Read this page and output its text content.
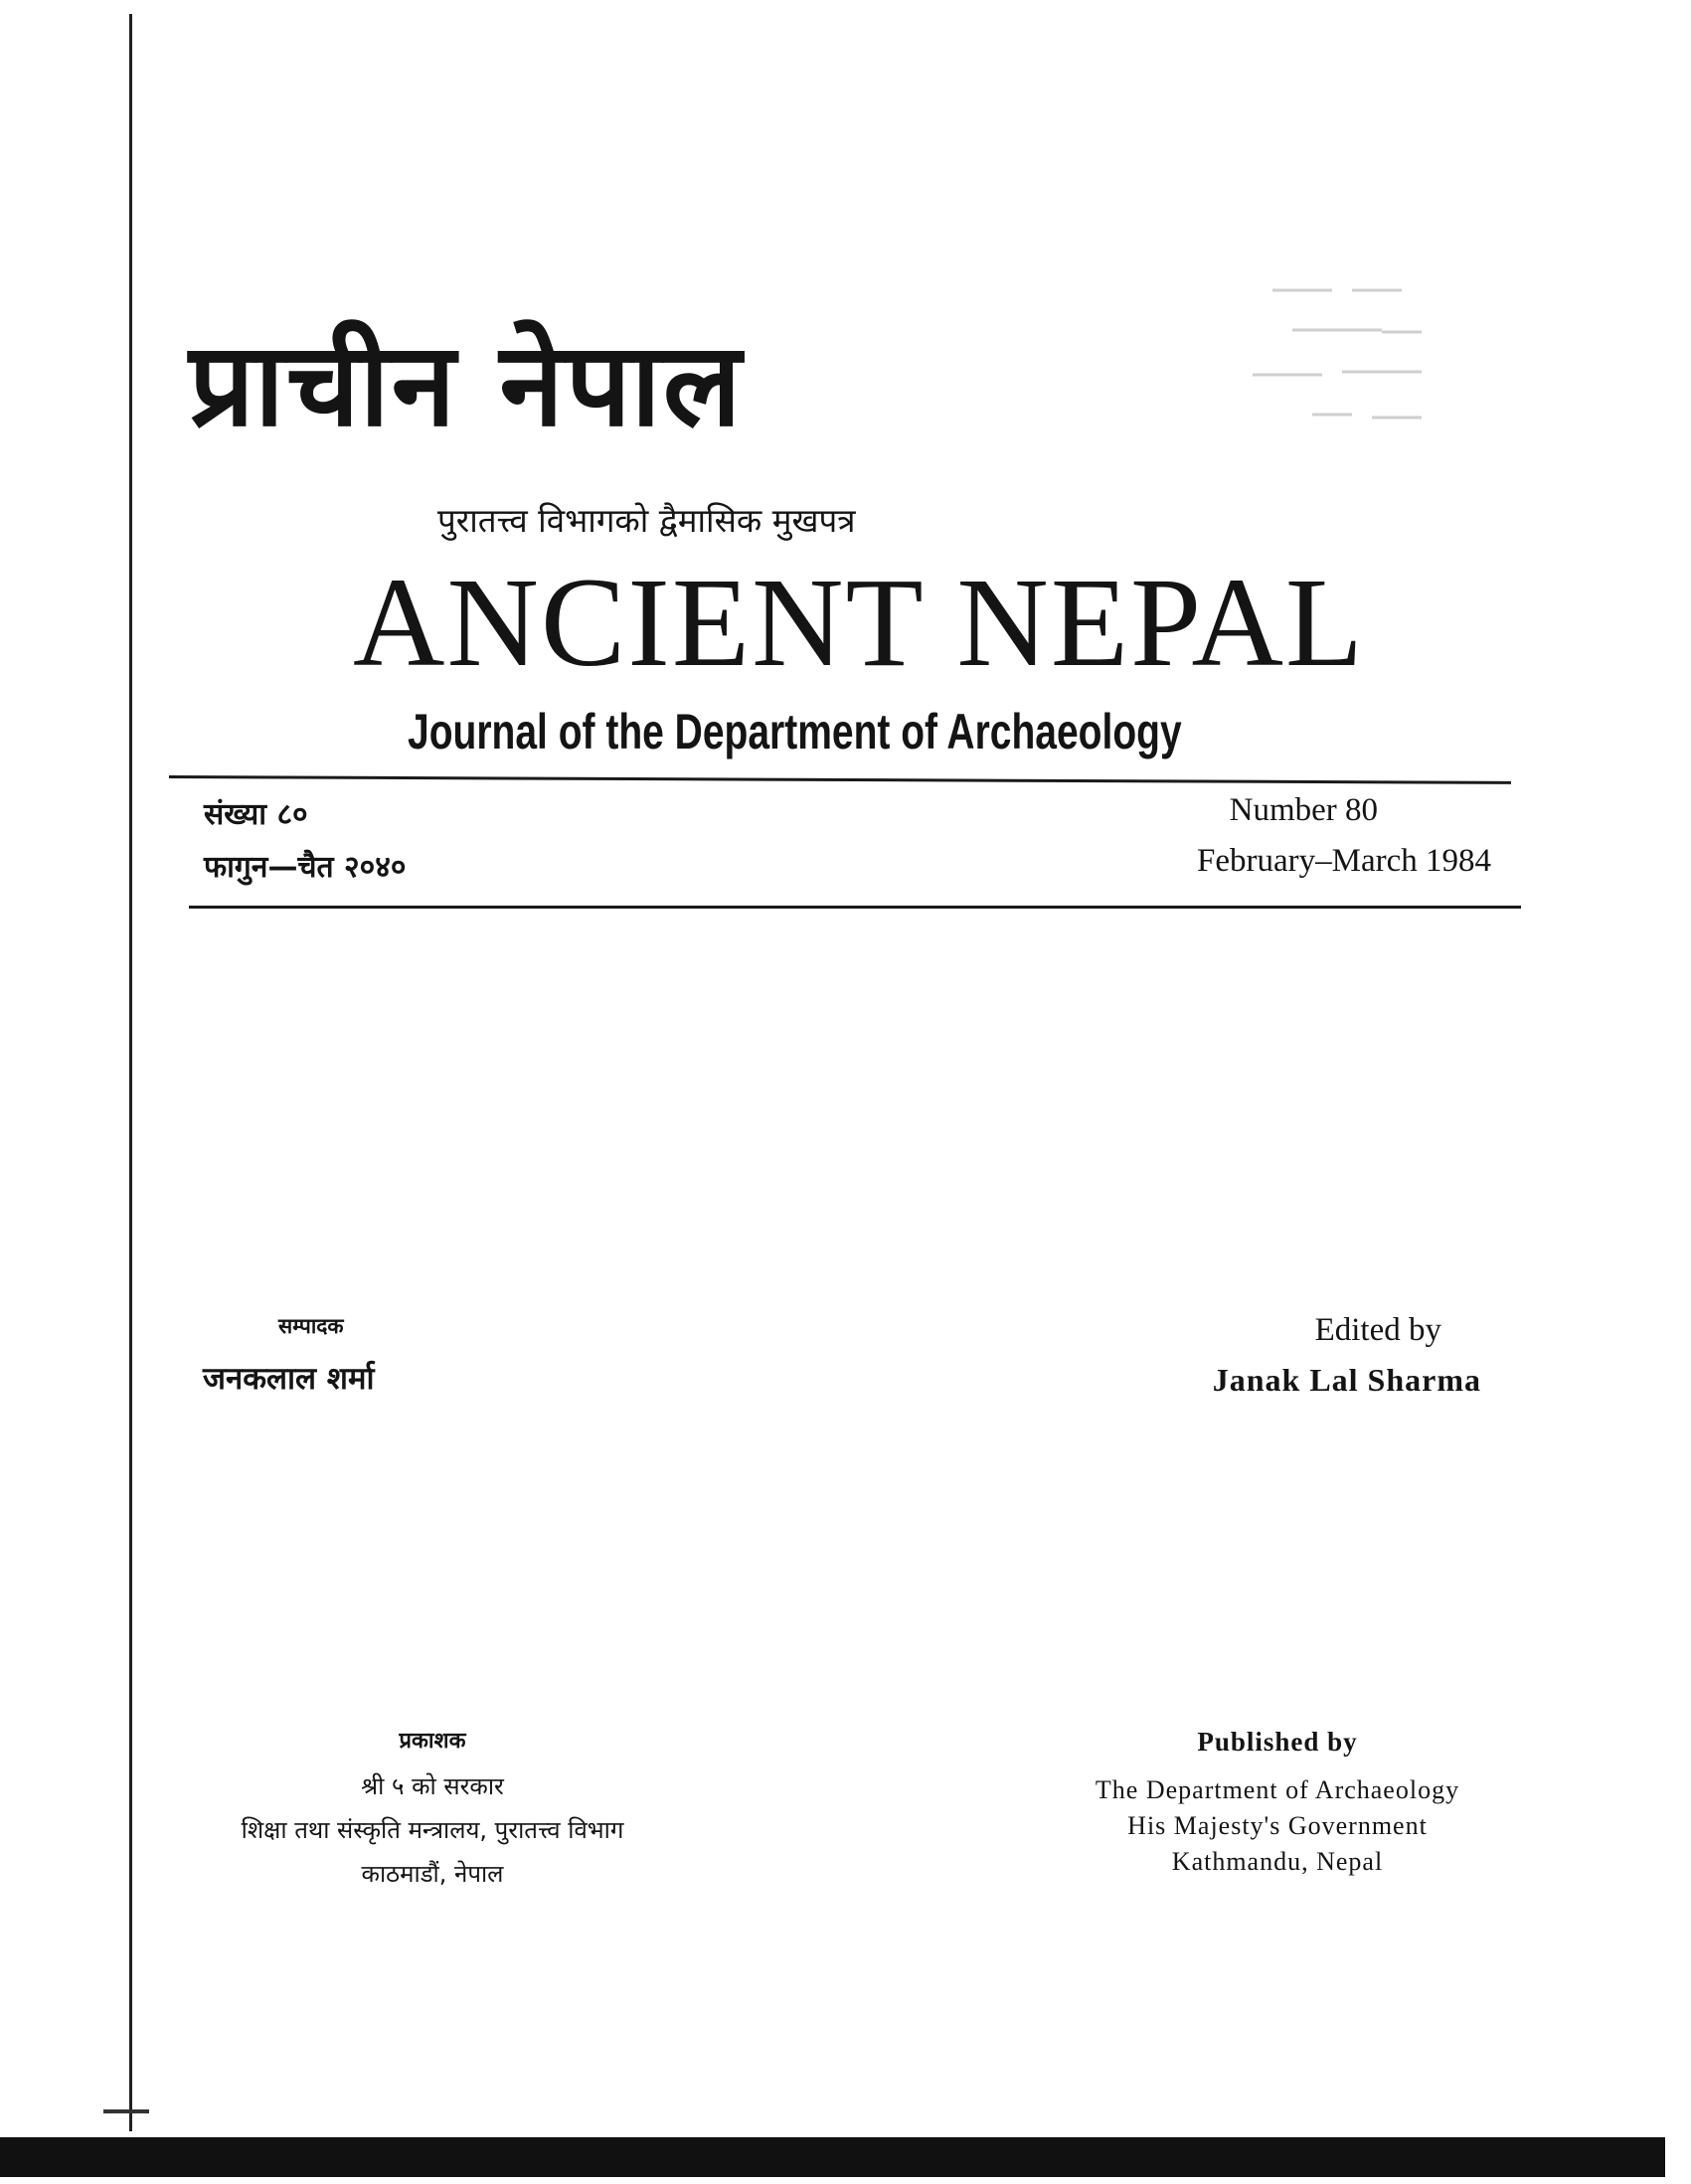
प्राचीन नेपाल
पुरातत्त्व विभागको द्वैमासिक मुखपत्र
ANCIENT NEPAL
Journal of the Department of Archaeology
संख्या ८०
फागुन—चैत २०४०
Number 80
February–March 1984
सम्पादक
जनकलाल शर्मा
Edited by
Janak Lal Sharma
प्रकाशक
श्री ५ को सरकार
शिक्षा तथा संस्कृति मन्त्रालय, पुरातत्त्व विभाग
काठमाडौं, नेपाल
Published by
The Department of Archaeology
His Majesty's Government
Kathmandu, Nepal
